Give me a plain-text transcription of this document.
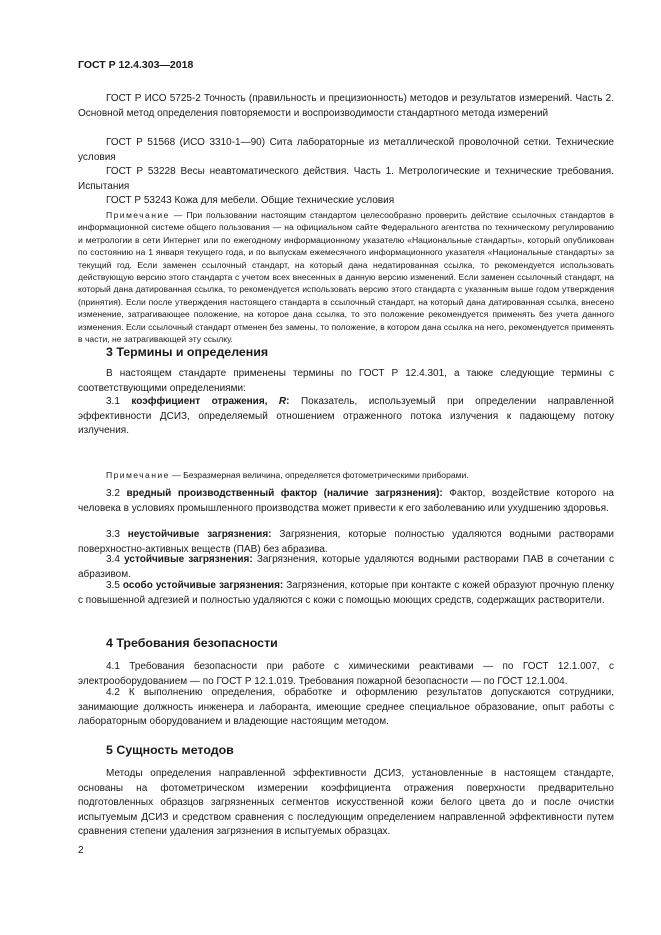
ГОСТ Р 12.4.303—2018

ГОСТ Р ИСО 5725-2 Точность (правильность и прецизионность) методов и результатов измерений. Часть 2. Основной метод определения повторяемости и воспроизводимости стандартного метода измерений

ГОСТ Р 51568 (ИСО 3310-1—90) Сита лабораторные из металлической проволочной сетки. Технические условия

ГОСТ Р 53228 Весы неавтоматического действия. Часть 1. Метрологические и технические требования. Испытания

ГОСТ Р 53243 Кожа для мебели. Общие технические условия

Примечание — При пользовании настоящим стандартом целесообразно проверить действие ссылочных стандартов в информационной системе общего пользования — на официальном сайте Федерального агентства по техническому регулированию и метрологии в сети Интернет или по ежегодному информационному указателю «Национальные стандарты», который опубликован по состоянию на 1 января текущего года, и по выпускам ежемесячного информационного указателя «Национальные стандарты» за текущий год. Если заменен ссылочный стандарт, на который дана недатированная ссылка, то рекомендуется использовать действующую версию этого стандарта с учетом всех внесенных в данную версию изменений. Если заменен ссылочный стандарт, на который дана датированная ссылка, то рекомендуется использовать версию этого стандарта с указанным выше годом утверждения (принятия). Если после утверждения настоящего стандарта в ссылочный стандарт, на который дана датированная ссылка, внесено изменение, затрагивающее положение, на которое дана ссылка, то это положение рекомендуется применять без учета данного изменения. Если ссылочный стандарт отменен без замены, то положение, в котором дана ссылка на него, рекомендуется применять в части, не затрагивающей эту ссылку.

3 Термины и определения

В настоящем стандарте применены термины по ГОСТ Р 12.4.301, а также следующие термины с соответствующими определениями:

3.1 коэффициент отражения, R: Показатель, используемый при определении направленной эффективности ДСИЗ, определяемый отношением отраженного потока излучения к падающему потоку излучения.

Примечание — Безразмерная величина, определяется фотометрическими приборами.

3.2 вредный производственный фактор (наличие загрязнения): Фактор, воздействие которого на человека в условиях промышленного производства может привести к его заболеванию или ухудшению здоровья.

3.3 неустойчивые загрязнения: Загрязнения, которые полностью удаляются водными растворами поверхностно-активных веществ (ПАВ) без абразива.

3.4 устойчивые загрязнения: Загрязнения, которые удаляются водными растворами ПАВ в сочетании с абразивом.

3.5 особо устойчивые загрязнения: Загрязнения, которые при контакте с кожей образуют прочную пленку с повышенной адгезией и полностью удаляются с кожи с помощью моющих средств, содержащих растворители.

4 Требования безопасности

4.1 Требования безопасности при работе с химическими реактивами — по ГОСТ 12.1.007, с электрооборудованием — по ГОСТ Р 12.1.019. Требования пожарной безопасности — по ГОСТ 12.1.004.

4.2 К выполнению определения, обработке и оформлению результатов допускаются сотрудники, занимающие должность инженера и лаборанта, имеющие среднее специальное образование, опыт работы с лабораторным оборудованием и владеющие настоящим методом.

5 Сущность методов

Методы определения направленной эффективности ДСИЗ, установленные в настоящем стандарте, основаны на фотометрическом измерении коэффициента отражения поверхности предварительно подготовленных образцов загрязненных сегментов искусственной кожи белого цвета до и после очистки испытуемым ДСИЗ и средством сравнения с последующим определением направленной эффективности путем сравнения степени удаления загрязнения в испытуемых образцах.

2
